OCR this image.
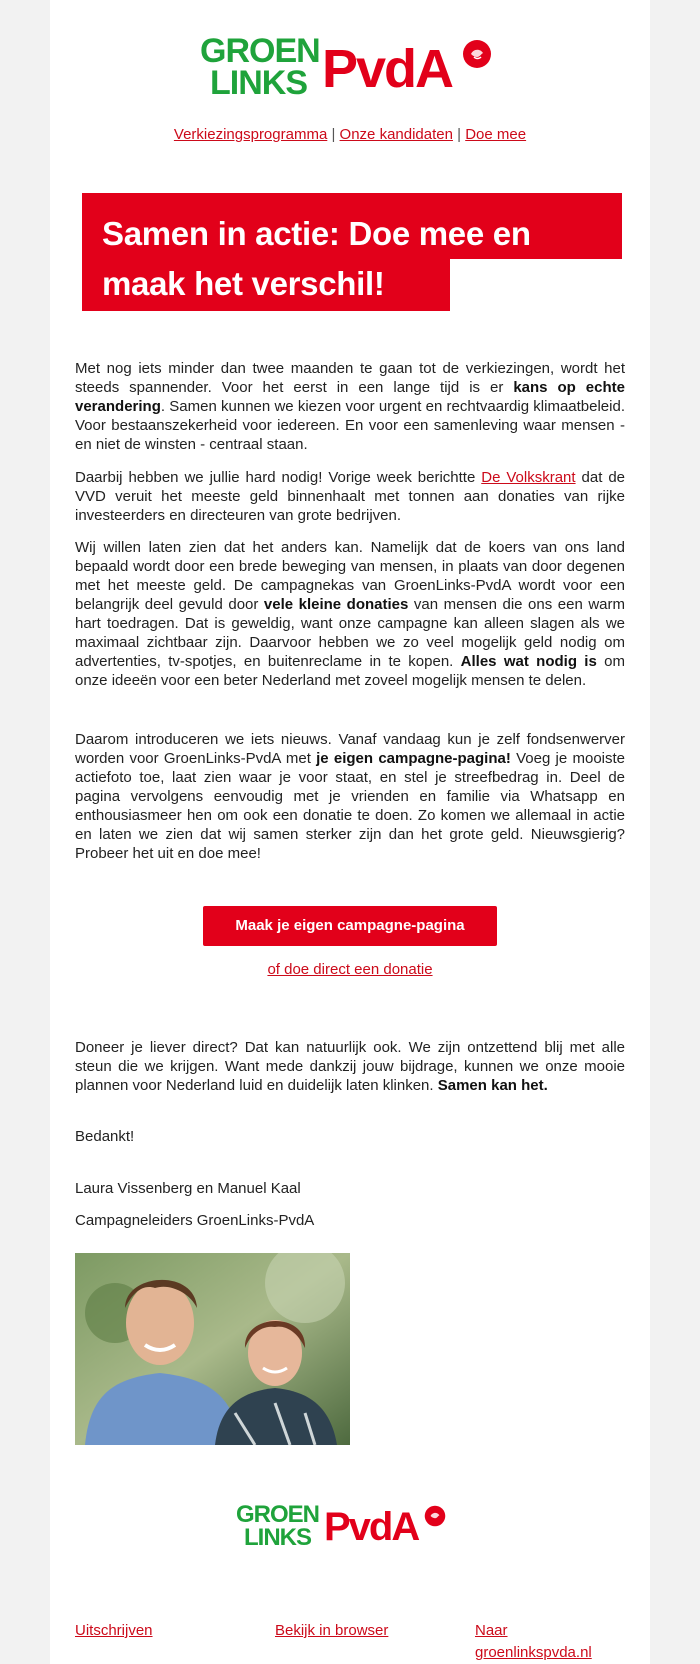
GROEN
LINKS PvdA
Verkiezingsprogramma | Onze kandidaten | Doe mee
Samen in actie: Doe mee en
maak het verschil!
Met nog iets minder dan twee maanden te gaan tot de verkiezingen, wordt het steeds spannender. Voor het eerst in een lange tijd is er kans op echte verandering. Samen kunnen we kiezen voor urgent en rechtvaardig klimaatbeleid. Voor bestaanszekerheid voor iedereen. En voor een samenleving waar mensen - en niet de winsten - centraal staan.
Daarbij hebben we jullie hard nodig! Vorige week berichtte De Volkskrant dat de VVD veruit het meeste geld binnenhaalt met tonnen aan donaties van rijke investeerders en directeuren van grote bedrijven.
Wij willen laten zien dat het anders kan. Namelijk dat de koers van ons land bepaald wordt door een brede beweging van mensen, in plaats van door degenen met het meeste geld. De campagnekas van GroenLinks-PvdA wordt voor een belangrijk deel gevuld door vele kleine donaties van mensen die ons een warm hart toedragen. Dat is geweldig, want onze campagne kan alleen slagen als we maximaal zichtbaar zijn. Daarvoor hebben we zo veel mogelijk geld nodig om advertenties, tv-spotjes, en buitenreclame in te kopen. Alles wat nodig is om onze ideeën voor een beter Nederland met zoveel mogelijk mensen te delen.
Daarom introduceren we iets nieuws. Vanaf vandaag kun je zelf fondsenwerver worden voor GroenLinks-PvdA met je eigen campagne-pagina! Voeg je mooiste actiefoto toe, laat zien waar je voor staat, en stel je streefbedrag in. Deel de pagina vervolgens eenvoudig met je vrienden en familie via Whatsapp en enthousiasmeer hen om ook een donatie te doen. Zo komen we allemaal in actie en laten we zien dat wij samen sterker zijn dan het grote geld. Nieuwsgierig? Probeer het uit en doe mee!
Maak je eigen campagne-pagina
of doe direct een donatie
Doneer je liever direct? Dat kan natuurlijk ook. We zijn ontzettend blij met alle steun die we krijgen. Want mede dankzij jouw bijdrage, kunnen we onze mooie plannen voor Nederland luid en duidelijk laten klinken. Samen kan het.
Bedankt!
Laura Vissenberg en Manuel Kaal
Campagneleiders GroenLinks-PvdA
GROEN
LINKS PvdA
Uitschrijven	Bekijk in browser	Naar
groenlinkspvda.nl
